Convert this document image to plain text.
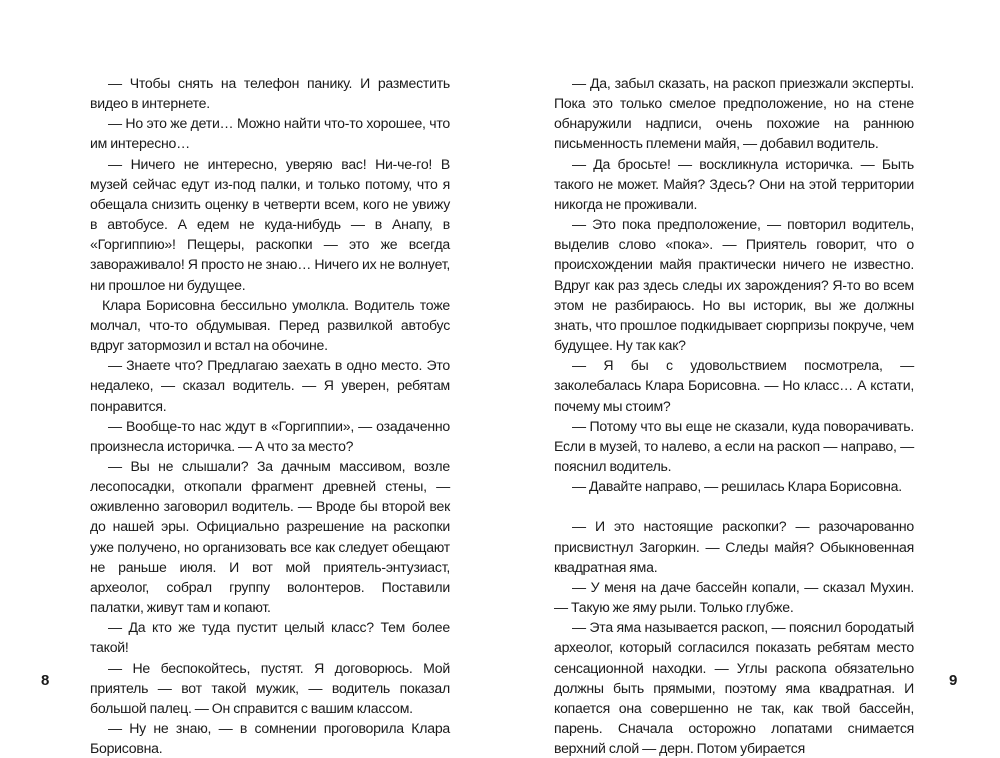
— Чтобы снять на телефон панику. И разместить видео в интернете.

— Но это же дети… Можно найти что-то хорошее, что им интересно…

— Ничего не интересно, уверяю вас! Ни-че-го! В музей сейчас едут из-под палки, и только потому, что я обещала снизить оценку в четверти всем, кого не увижу в автобусе. А едем не куда-нибудь — в Анапу, в «Горгиппию»! Пещеры, раскопки — это же всегда завораживало! Я просто не знаю… Ничего их не волнует, ни прошлое ни будущее.

Клара Борисовна бессильно умолкла. Водитель тоже молчал, что-то обдумывая. Перед развилкой автобус вдруг затормозил и встал на обочине.

— Знаете что? Предлагаю заехать в одно место. Это недалеко, — сказал водитель. — Я уверен, ребятам понравится.

— Вообще-то нас ждут в «Горгиппии», — озадаченно произнесла историчка. — А что за место?

— Вы не слышали? За дачным массивом, возле лесопосадки, откопали фрагмент древней стены, — оживленно заговорил водитель. — Вроде бы второй век до нашей эры. Официально разрешение на раскопки уже получено, но организовать все как следует обещают не раньше июля. И вот мой приятель-энтузиаст, археолог, собрал группу волонтеров. Поставили палатки, живут там и копают.

— Да кто же туда пустит целый класс? Тем более такой!

— Не беспокойтесь, пустят. Я договорюсь. Мой приятель — вот такой мужик, — водитель показал большой палец. — Он справится с вашим классом.

— Ну не знаю, — в сомнении проговорила Клара Борисовна.

8

— Да, забыл сказать, на раскоп приезжали эксперты. Пока это только смелое предположение, но на стене обнаружили надписи, очень похожие на раннюю письменность племени майя, — добавил водитель.

— Да бросьте! — воскликнула историчка. — Быть такого не может. Майя? Здесь? Они на этой территории никогда не проживали.

— Это пока предположение, — повторил водитель, выделив слово «пока». — Приятель говорит, что о происхождении майя практически ничего не известно. Вдруг как раз здесь следы их зарождения? Я-то во всем этом не разбираюсь. Но вы историк, вы же должны знать, что прошлое подкидывает сюрпризы покруче, чем будущее. Ну так как?

— Я бы с удовольствием посмотрела, — заколебалась Клара Борисовна. — Но класс… А кстати, почему мы стоим?

— Потому что вы еще не сказали, куда поворачивать. Если в музей, то налево, а если на раскоп — направо, — пояснил водитель.

— Давайте направо, — решилась Клара Борисовна.

— И это настоящие раскопки? — разочарованно присвистнул Загоркин. — Следы майя? Обыкновенная квадратная яма.

— У меня на даче бассейн копали, — сказал Мухин. — Такую же яму рыли. Только глубже.

— Эта яма называется раскоп, — пояснил бородатый археолог, который согласился показать ребятам место сенсационной находки. — Углы раскопа обязательно должны быть прямыми, поэтому яма квадратная. И копается она совершенно не так, как твой бассейн, парень. Сначала осторожно лопатами снимается верхний слой — дерн. Потом убирается

9
